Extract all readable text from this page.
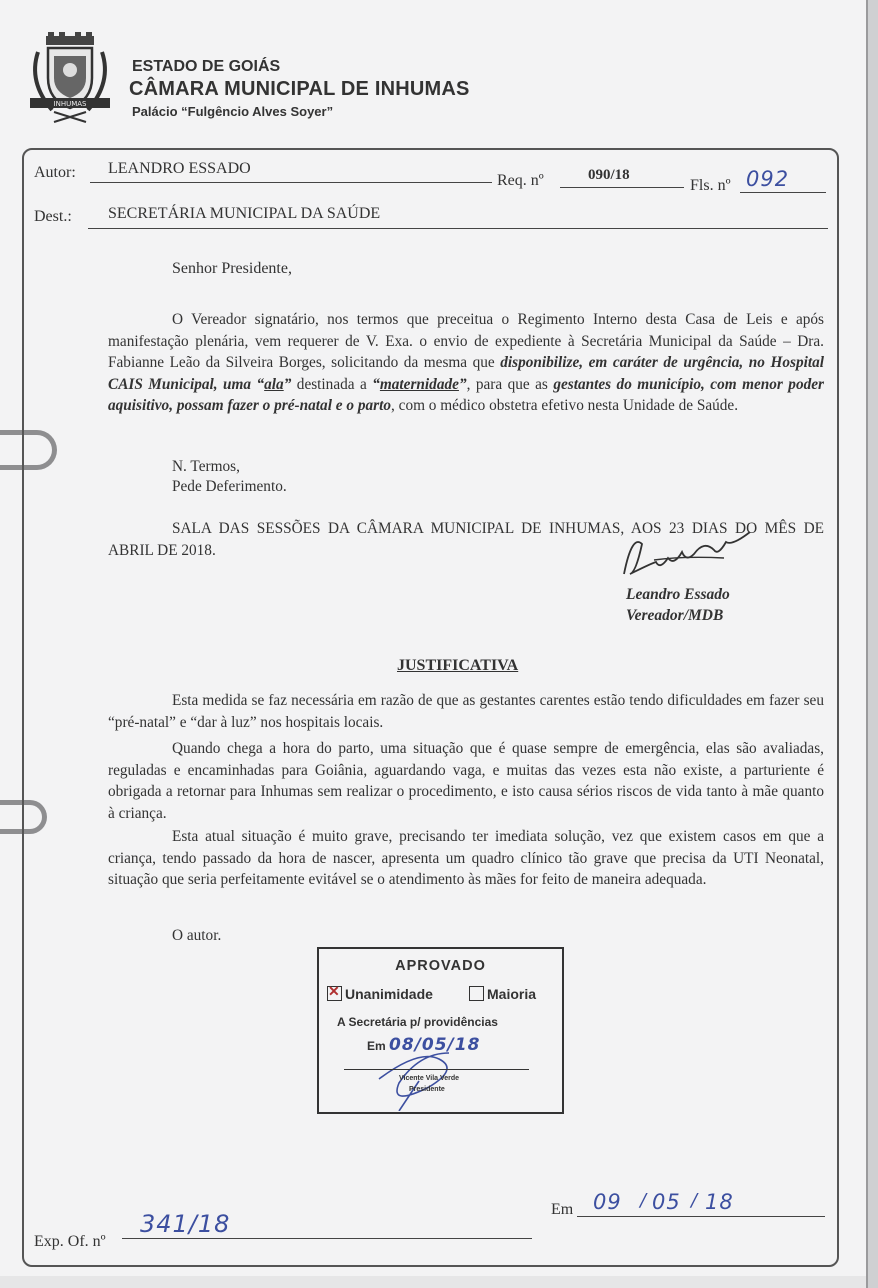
INHUMAS
ESTADO DE GOIÁS
CÂMARA MUNICIPAL DE INHUMAS
Palácio “Fulgêncio Alves Soyer”
Autor: LEANDRO ESSADO
Req. nº	090/18
Fls. nº 092
Dest.: SECRETÁRIA MUNICIPAL DA SAÚDE
Senhor Presidente,

O Vereador signatário, nos termos que preceitua o Regimento Interno desta Casa de Leis e após manifestação plenária, vem requerer de V. Exa. o envio de expediente à Secretária Municipal da Saúde – Dra. Fabianne Leão da Silveira Borges, solicitando da mesma que disponibilize, em caráter de urgência, no Hospital CAIS Municipal, uma “ala” destinada a “maternidade”, para que as gestantes do município, com menor poder aquisitivo, possam fazer o pré-natal e o parto, com o médico obstetra efetivo nesta Unidade de Saúde.

N. Termos,
Pede Deferimento.

SALA DAS SESSÕES DA CÂMARA MUNICIPAL DE INHUMAS, AOS 23 DIAS DO MÊS DE ABRIL DE 2018.

Leandro Essado
Vereador/MDB
JUSTIFICATIVA

Esta medida se faz necessária em razão de que as gestantes carentes estão tendo dificuldades em fazer seu “pré-natal” e “dar à luz” nos hospitais locais.

Quando chega a hora do parto, uma situação que é quase sempre de emergência, elas são avaliadas, reguladas e encaminhadas para Goiânia, aguardando vaga, e muitas das vezes esta não existe, a parturiente é obrigada a retornar para Inhumas sem realizar o procedimento, e isto causa sérios riscos de vida tanto à mãe quanto à criança.

Esta atual situação é muito grave, precisando ter imediata solução, vez que existem casos em que a criança, tendo passado da hora de nascer, apresenta um quadro clínico tão grave que precisa da UTI Neonatal, situação que seria perfeitamente evitável se o atendimento às mães for feito de maneira adequada.

O autor.
APROVADO
✕Unanimidade	Maioria
A Secretária p/ providências
Em 08/05/18
Vicente Vila Verde
Presidente
Exp. Of. nº
341/18
Em 09 / 05 / 18
